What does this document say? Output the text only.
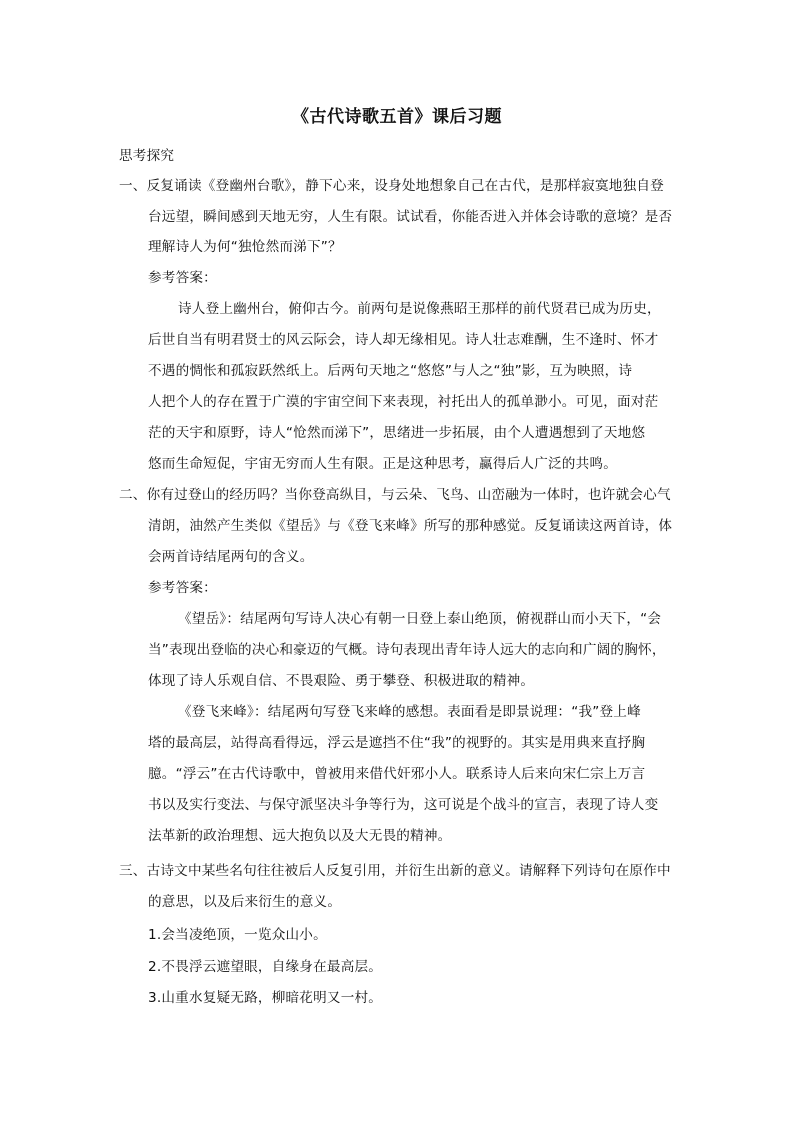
《古代诗歌五首》课后习题
思考探究
一、反复诵读《登幽州台歌》，静下心来，设身处地想象自己在古代，是那样寂寞地独自登
台远望，瞬间感到天地无穷，人生有限。试试看，你能否进入并体会诗歌的意境？是否
理解诗人为何“独怆然而涕下”？
参考答案：
诗人登上幽州台，俯仰古今。前两句是说像燕昭王那样的前代贤君已成为历史，
后世自当有明君贤士的风云际会，诗人却无缘相见。诗人壮志难酬，生不逢时、怀才
不遇的惆怅和孤寂跃然纸上。后两句天地之“悠悠”与人之“独”影，互为映照，诗
人把个人的存在置于广漠的宇宙空间下来表现，衬托出人的孤单渺小。可见，面对茫
茫的天宇和原野，诗人“怆然而涕下”，思绪进一步拓展，由个人遭遇想到了天地悠
悠而生命短促，宇宙无穷而人生有限。正是这种思考，赢得后人广泛的共鸣。
二、你有过登山的经历吗？当你登高纵目，与云朵、飞鸟、山峦融为一体时，也许就会心气
清朗，油然产生类似《望岳》与《登飞来峰》所写的那种感觉。反复诵读这两首诗，体
会两首诗结尾两句的含义。
参考答案：
《望岳》：结尾两句写诗人决心有朝一日登上泰山绝顶，俯视群山而小天下，“会
当”表现出登临的决心和豪迈的气概。诗句表现出青年诗人远大的志向和广阔的胸怀，
体现了诗人乐观自信、不畏艰险、勇于攀登、积极进取的精神。
《登飞来峰》：结尾两句写登飞来峰的感想。表面看是即景说理：“我”登上峰
塔的最高层，站得高看得远，浮云是遮挡不住“我”的视野的。其实是用典来直抒胸
臆。“浮云”在古代诗歌中，曾被用来借代奸邪小人。联系诗人后来向宋仁宗上万言
书以及实行变法、与保守派坚决斗争等行为，这可说是个战斗的宣言，表现了诗人变
法革新的政治理想、远大抱负以及大无畏的精神。
三、古诗文中某些名句往往被后人反复引用，并衍生出新的意义。请解释下列诗句在原作中
的意思，以及后来衍生的意义。
1.会当凌绝顶，一览众山小。
2.不畏浮云遮望眼，自缘身在最高层。
3.山重水复疑无路，柳暗花明又一村。
